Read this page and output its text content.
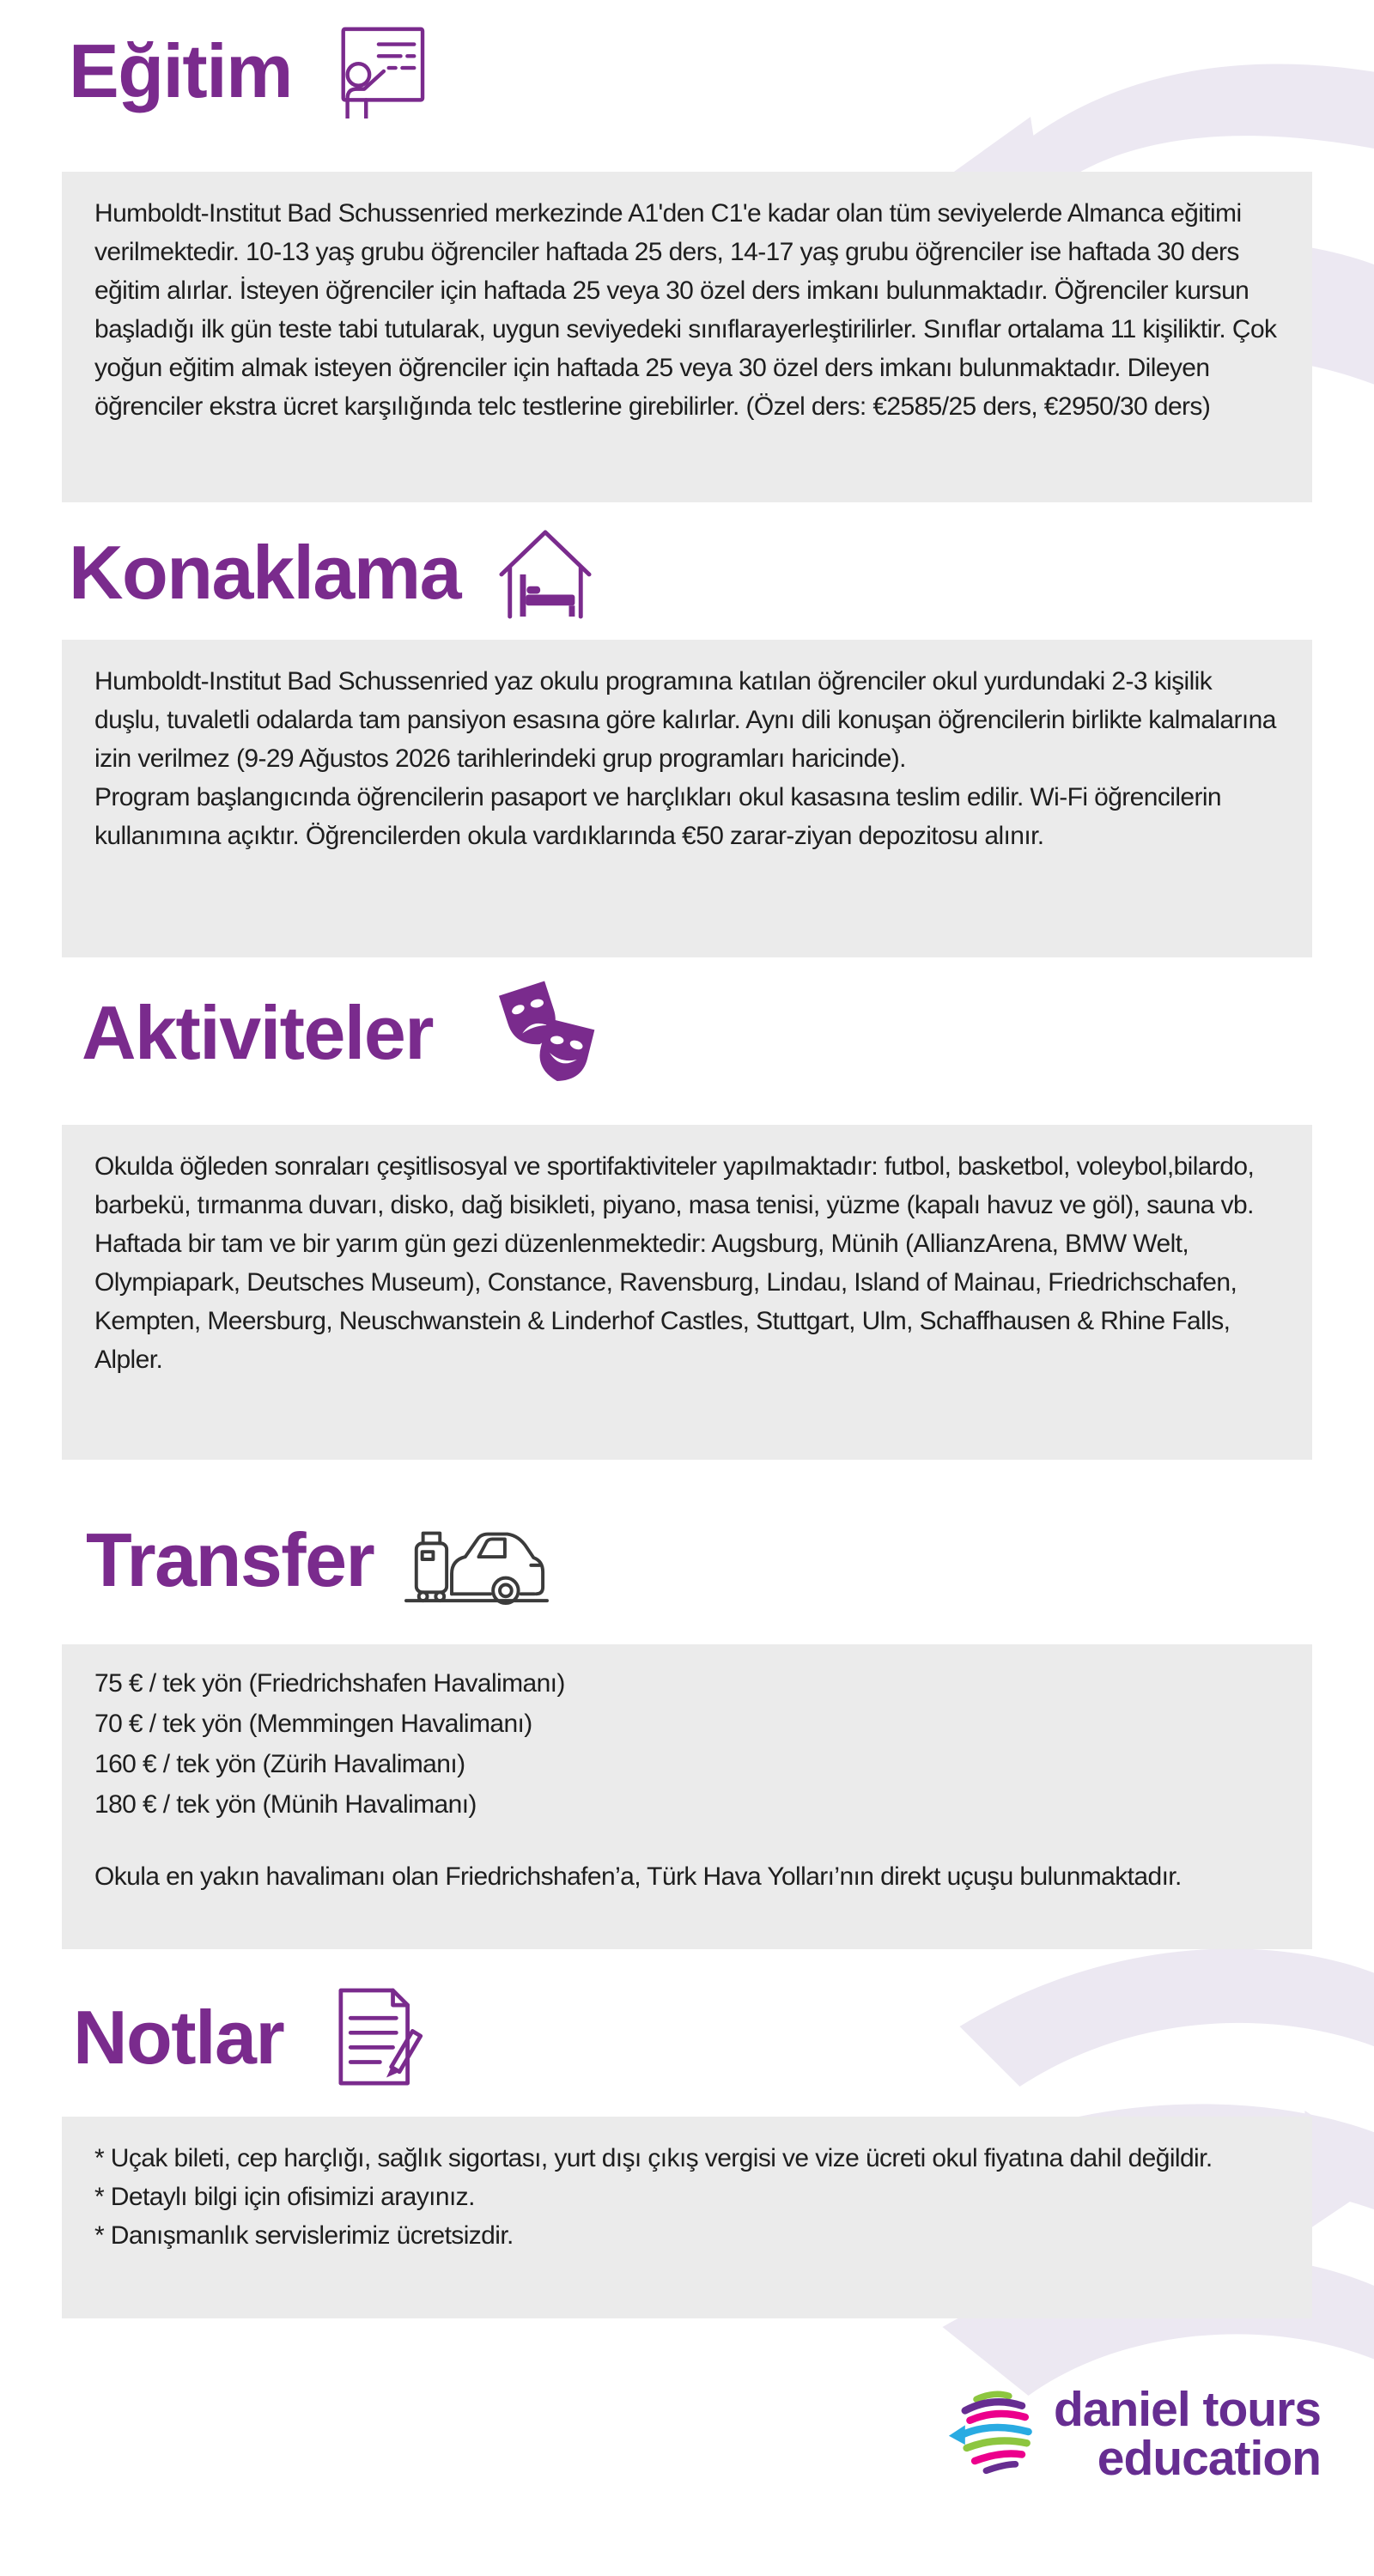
Eğitim

Humboldt-Institut Bad Schussenried merkezinde A1'den C1'e kadar olan tüm seviyelerde Almanca eğitimi verilmektedir. 10-13 yaş grubu öğrenciler haftada 25 ders, 14-17 yaş grubu öğrenciler ise haftada 30 ders eğitim alırlar. İsteyen öğrenciler için haftada 25 veya 30 özel ders imkanı bulunmaktadır. Öğrenciler kursun başladığı ilk gün teste tabi tutularak, uygun seviyedeki sınıflarayerleştirilirler. Sınıflar ortalama 11 kişiliktir. Çok yoğun eğitim almak isteyen öğrenciler için haftada 25 veya 30 özel ders imkanı bulunmaktadır. Dileyen öğrenciler ekstra ücret karşılığında telc testlerine girebilirler. (Özel ders: €2585/25 ders, €2950/30 ders)

Konaklama

Humboldt-Institut Bad Schussenried yaz okulu programına katılan öğrenciler okul yurdundaki 2-3 kişilik duşlu, tuvaletli odalarda tam pansiyon esasına göre kalırlar. Aynı dili konuşan öğrencilerin birlikte kalmalarına izin verilmez (9-29 Ağustos 2026 tarihlerindeki grup programları haricinde).

Program başlangıcında öğrencilerin pasaport ve harçlıkları okul kasasına teslim edilir. Wi-Fi öğrencilerin kullanımına açıktır. Öğrencilerden okula vardıklarında €50 zarar-ziyan depozitosu alınır.

Aktiviteler

Okulda öğleden sonraları çeşitlisosyal ve sportifaktiviteler yapılmaktadır: futbol, basketbol, voleybol,bilardo, barbekü, tırmanma duvarı, disko, dağ bisikleti, piyano, masa tenisi, yüzme (kapalı havuz ve göl), sauna vb.

Haftada bir tam ve bir yarım gün gezi düzenlenmektedir: Augsburg, Münih (AllianzArena, BMW Welt, Olympiapark, Deutsches Museum), Constance, Ravensburg, Lindau, Island of Mainau, Friedrichschafen, Kempten, Meersburg, Neuschwanstein & Linderhof Castles, Stuttgart, Ulm, Schaffhausen & Rhine Falls, Alpler.

Transfer
75 € / tek yön (Friedrichshafen Havalimanı)
70 € / tek yön (Memmingen Havalimanı)
160 € / tek yön (Zürih Havalimanı)
180 € / tek yön (Münih Havalimanı)

Okula en yakın havalimanı olan Friedrichshafen’a, Türk Hava Yolları’nın direkt uçuşu bulunmaktadır.

Notlar

* Uçak bileti, cep harçlığı, sağlık sigortası, yurt dışı çıkış vergisi ve vize ücreti okul fiyatına dahil değildir.

* Detaylı bilgi için ofisimizi arayınız.

* Danışmanlık servislerimiz ücretsizdir.

daniel tours
education
